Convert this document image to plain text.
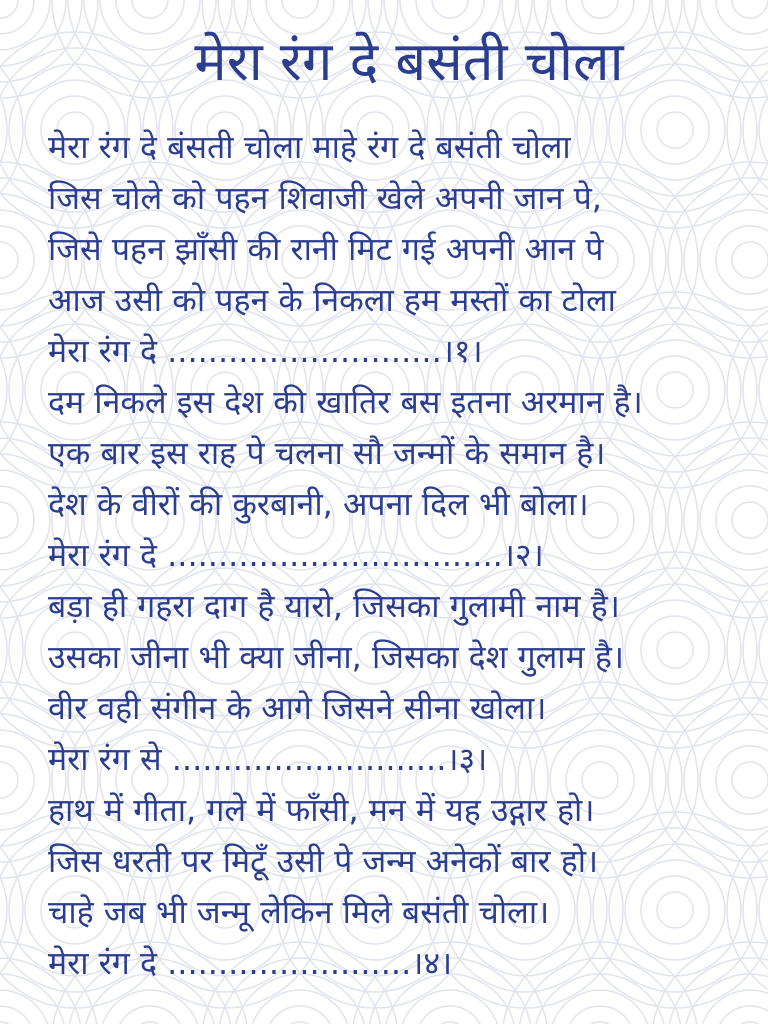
मेरा रंग दे बसंती चोला
मेरा रंग दे बंसती चोला माहे रंग दे बसंती चोला
जिस चोले को पहन शिवाजी खेले अपनी जान पे,
जिसे पहन झाँसी की रानी मिट गई अपनी आन पे
आज उसी को पहन के निकला हम मस्तों का टोला
मेरा रंग दे ...........................।१।
दम निकले इस देश की खातिर बस इतना अरमान है।
एक बार इस राह पे चलना सौ जन्मों के समान है।
देश के वीरों की कुरबानी, अपना दिल भी बोला।
मेरा रंग दे .................................।२।
बड़ा ही गहरा दाग है यारो, जिसका गुलामी नाम है।
उसका जीना भी क्या जीना, जिसका देश गुलाम है।
वीर वही संगीन के आगे जिसने सीना खोला।
मेरा रंग से ...........................।३।
हाथ में गीता, गले में फाँसी, मन में यह उद्गार हो।
जिस धरती पर मिटूँ उसी पे जन्म अनेकों बार हो।
चाहे जब भी जन्मू लेकिन मिले बसंती चोला।
मेरा रंग दे ........................।४।
